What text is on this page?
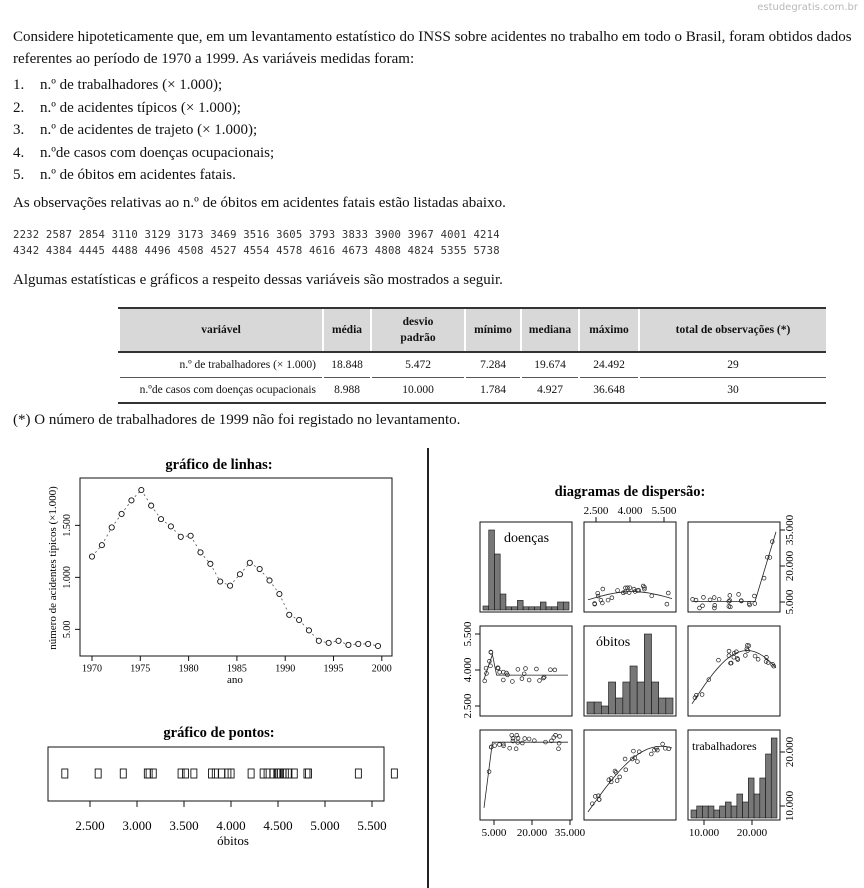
estudegratis.com.br
Considere hipoteticamente que, em um levantamento estatístico do INSS sobre acidentes no trabalho em todo o Brasil, foram obtidos dados referentes ao período de 1970 a 1999. As variáveis medidas foram:
1.	n.º de trabalhadores (× 1.000);
2.	n.º de acidentes típicos (× 1.000);
3.	n.º de acidentes de trajeto (× 1.000);
4.	n.ºde casos com doenças ocupacionais;
5.	n.º de óbitos em acidentes fatais.
As observações relativas ao n.º de óbitos em acidentes fatais estão listadas abaixo.
2232 2587 2854 3110 3129 3173 3469 3516 3605 3793 3833 3900 3967 4001 4214
4342 4384 4445 4488 4496 4508 4527 4554 4578 4616 4673 4808 4824 5355 5738
Algumas estatísticas e gráficos a respeito dessas variáveis são mostrados a seguir.
variável	média	desvio padrão	mínimo	mediana	máximo	total de observações (*)
n.º de trabalhadores (× 1.000)	18.848	5.472	7.284	19.674	24.492	29
n.ºde casos com doenças ocupacionais	8.988	10.000	1.784	4.927	36.648	30
(*) O número de trabalhadores de 1999 não foi registado no levantamento.
gráfico de linhas:
número de acidentes típicos (×1.000)
ano
1970	1975	1980	1985	1990	1995	2000
5.00
1.000
1.500
gráfico de pontos:
óbitos
2.500 3.000 3.500 4.000 4.500 5.000 5.500
diagramas de dispersão:
doenças
óbitos
trabalhadores
2.500 4.000 5.500
5.000
20.000
35.000
2.500
4.000
5.500
10.000
20.000
5.000 20.000 35.000	10.000 20.000
